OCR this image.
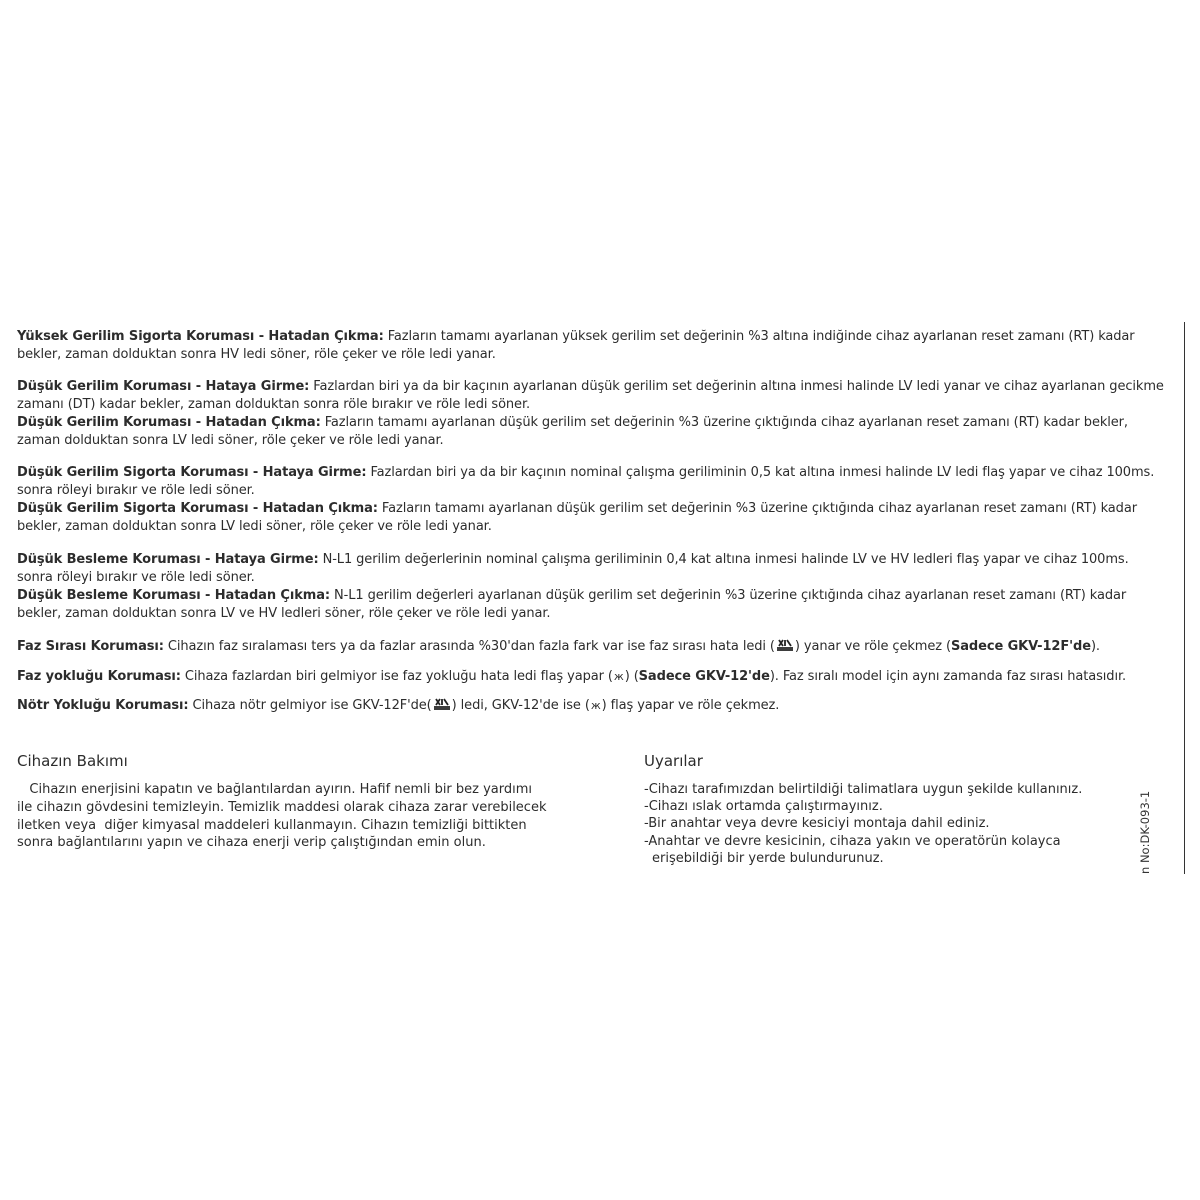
Yüksek Gerilim Sigorta Koruması - Hatadan Çıkma: Fazların tamamı ayarlanan yüksek gerilim set değerinin %3 altına indiğinde cihaz ayarlanan reset zamanı (RT) kadar bekler, zaman dolduktan sonra HV ledi söner, röle çeker ve röle ledi yanar.

Düşük Gerilim Koruması - Hataya Girme: Fazlardan biri ya da bir kaçının ayarlanan düşük gerilim set değerinin altına inmesi halinde LV ledi yanar ve cihaz ayarlanan gecikme zamanı (DT) kadar bekler, zaman dolduktan sonra röle bırakır ve röle ledi söner.

Düşük Gerilim Koruması - Hatadan Çıkma: Fazların tamamı ayarlanan düşük gerilim set değerinin %3 üzerine çıktığında cihaz ayarlanan reset zamanı (RT) kadar bekler, zaman dolduktan sonra LV ledi söner, röle çeker ve röle ledi yanar.

Düşük Gerilim Sigorta Koruması - Hataya Girme: Fazlardan biri ya da bir kaçının nominal çalışma geriliminin 0,5 kat altına inmesi halinde LV ledi flaş yapar ve cihaz 100ms. sonra röleyi bırakır ve röle ledi söner.

Düşük Gerilim Sigorta Koruması - Hatadan Çıkma: Fazların tamamı ayarlanan düşük gerilim set değerinin %3 üzerine çıktığında cihaz ayarlanan reset zamanı (RT) kadar bekler, zaman dolduktan sonra LV ledi söner, röle çeker ve röle ledi yanar.

Düşük Besleme Koruması - Hataya Girme: N-L1 gerilim değerlerinin nominal çalışma geriliminin 0,4 kat altına inmesi halinde LV ve HV ledleri flaş yapar ve cihaz 100ms. sonra röleyi bırakır ve röle ledi söner.

Düşük Besleme Koruması - Hatadan Çıkma: N-L1 gerilim değerleri ayarlanan düşük gerilim set değerinin %3 üzerine çıktığında cihaz ayarlanan reset zamanı (RT) kadar bekler, zaman dolduktan sonra LV ve HV ledleri söner, röle çeker ve röle ledi yanar.

Faz Sırası Koruması: Cihazın faz sıralaması ters ya da fazlar arasında %30'dan fazla fark var ise faz sırası hata ledi ( ) yanar ve röle çekmez (Sadece GKV-12F'de).

Faz yokluğu Koruması: Cihaza fazlardan biri gelmiyor ise faz yokluğu hata ledi flaş yapar (ж) (Sadece GKV-12'de). Faz sıralı model için aynı zamanda faz sırası hatasıdır.

Nötr Yokluğu Koruması: Cihaza nötr gelmiyor ise GKV-12F'de( ) ledi, GKV-12'de ise (ж) flaş yapar ve röle çekmez.

Cihazın Bakımı
Cihazın enerjisini kapatın ve bağlantılardan ayırın. Hafif nemli bir bez yardımı
ile cihazın gövdesini temizleyin. Temizlik maddesi olarak cihaza zarar verebilecek
iletken veya  diğer kimyasal maddeleri kullanmayın. Cihazın temizliği bittikten
sonra bağlantılarını yapın ve cihaza enerji verip çalıştığından emin olun.
Uyarılar
-Cihazı tarafımızdan belirtildiği talimatlara uygun şekilde kullanınız.
-Cihazı ıslak ortamda çalıştırmayınız.
-Bir anahtar veya devre kesiciyi montaja dahil ediniz.
-Anahtar ve devre kesicinin, cihaza yakın ve operatörün kolayca
erişebildiği bir yerde bulundurunuz.	n No:DK-093-1
